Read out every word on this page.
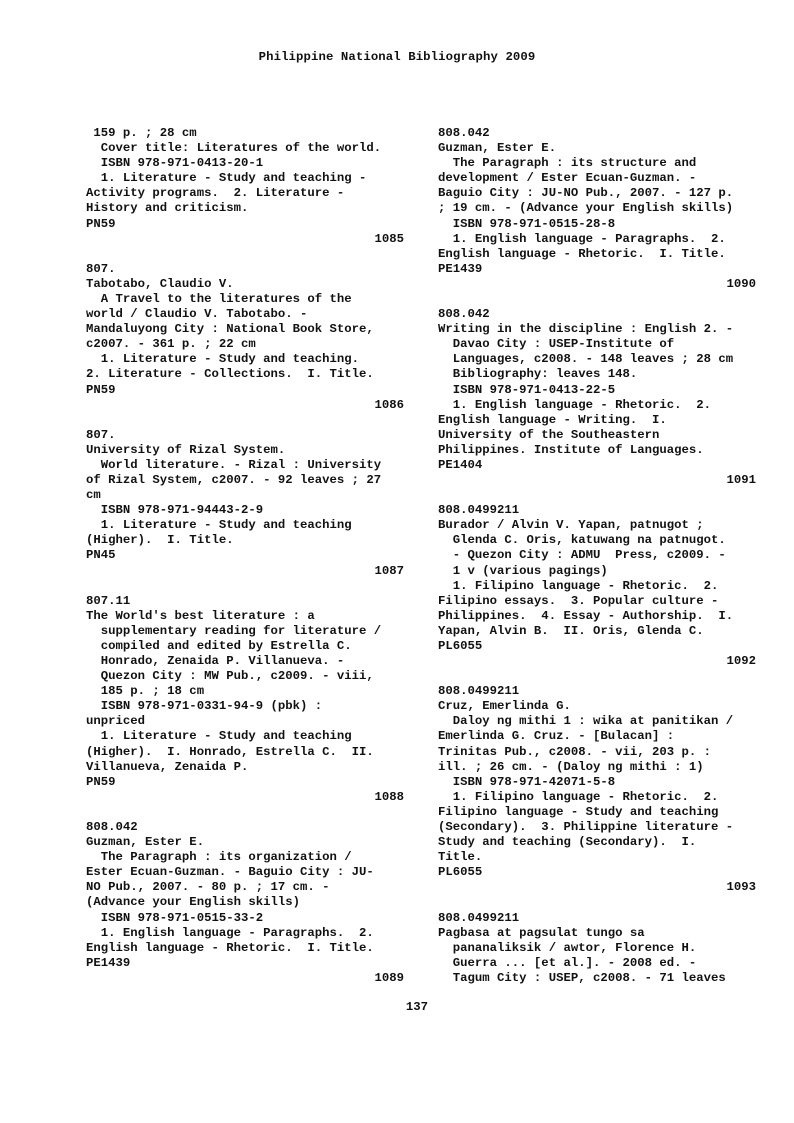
Philippine National Bibliography 2009
159 p. ; 28 cm
Cover title: Literatures of the world.
ISBN 978-971-0413-20-1
1. Literature - Study and teaching -
Activity programs.  2. Literature -
History and criticism.
PN59
1085
807.
Tabotabo, Claudio V.
A Travel to the literatures of the
world / Claudio V. Tabotabo. -
Mandaluyong City : National Book Store,
c2007. - 361 p. ; 22 cm
1. Literature - Study and teaching.
2. Literature - Collections.  I. Title.
PN59
1086
807.
University of Rizal System.
World literature. - Rizal : University
of Rizal System, c2007. - 92 leaves ; 27
cm
ISBN 978-971-94443-2-9
1. Literature - Study and teaching
(Higher).  I. Title.
PN45
1087
807.11
The World's best literature : a
supplementary reading for literature /
compiled and edited by Estrella C.
Honrado, Zenaida P. Villanueva. -
Quezon City : MW Pub., c2009. - viii,
185 p. ; 18 cm
ISBN 978-971-0331-94-9 (pbk) :
unpriced
1. Literature - Study and teaching
(Higher).  I. Honrado, Estrella C.  II.
Villanueva, Zenaida P.
PN59
1088
808.042
Guzman, Ester E.
The Paragraph : its organization /
Ester Ecuan-Guzman. - Baguio City : JU-
NO Pub., 2007. - 80 p. ; 17 cm. -
(Advance your English skills)
ISBN 978-971-0515-33-2
1. English language - Paragraphs.  2.
English language - Rhetoric.  I. Title.
PE1439
1089
808.042
Guzman, Ester E.
The Paragraph : its structure and
development / Ester Ecuan-Guzman. -
Baguio City : JU-NO Pub., 2007. - 127 p.
; 19 cm. - (Advance your English skills)
ISBN 978-971-0515-28-8
1. English language - Paragraphs.  2.
English language - Rhetoric.  I. Title.
PE1439
1090
808.042
Writing in the discipline : English 2. -
Davao City : USEP-Institute of
Languages, c2008. - 148 leaves ; 28 cm
Bibliography: leaves 148.
ISBN 978-971-0413-22-5
1. English language - Rhetoric.  2.
English language - Writing.  I.
University of the Southeastern
Philippines. Institute of Languages.
PE1404
1091
808.0499211
Burador / Alvin V. Yapan, patnugot ;
Glenda C. Oris, katuwang na patnugot.
- Quezon City : ADMU  Press, c2009. -
1 v (various pagings)
1. Filipino language - Rhetoric.  2.
Filipino essays.  3. Popular culture -
Philippines.  4. Essay - Authorship.  I.
Yapan, Alvin B.  II. Oris, Glenda C.
PL6055
1092
808.0499211
Cruz, Emerlinda G.
Daloy ng mithi 1 : wika at panitikan /
Emerlinda G. Cruz. - [Bulacan] :
Trinitas Pub., c2008. - vii, 203 p. :
ill. ; 26 cm. - (Daloy ng mithi : 1)
ISBN 978-971-42071-5-8
1. Filipino language - Rhetoric.  2.
Filipino language - Study and teaching
(Secondary).  3. Philippine literature -
Study and teaching (Secondary).  I.
Title.
PL6055
1093
808.0499211
Pagbasa at pagsulat tungo sa
pananaliksik / awtor, Florence H.
Guerra ... [et al.]. - 2008 ed. -
Tagum City : USEP, c2008. - 71 leaves
137
